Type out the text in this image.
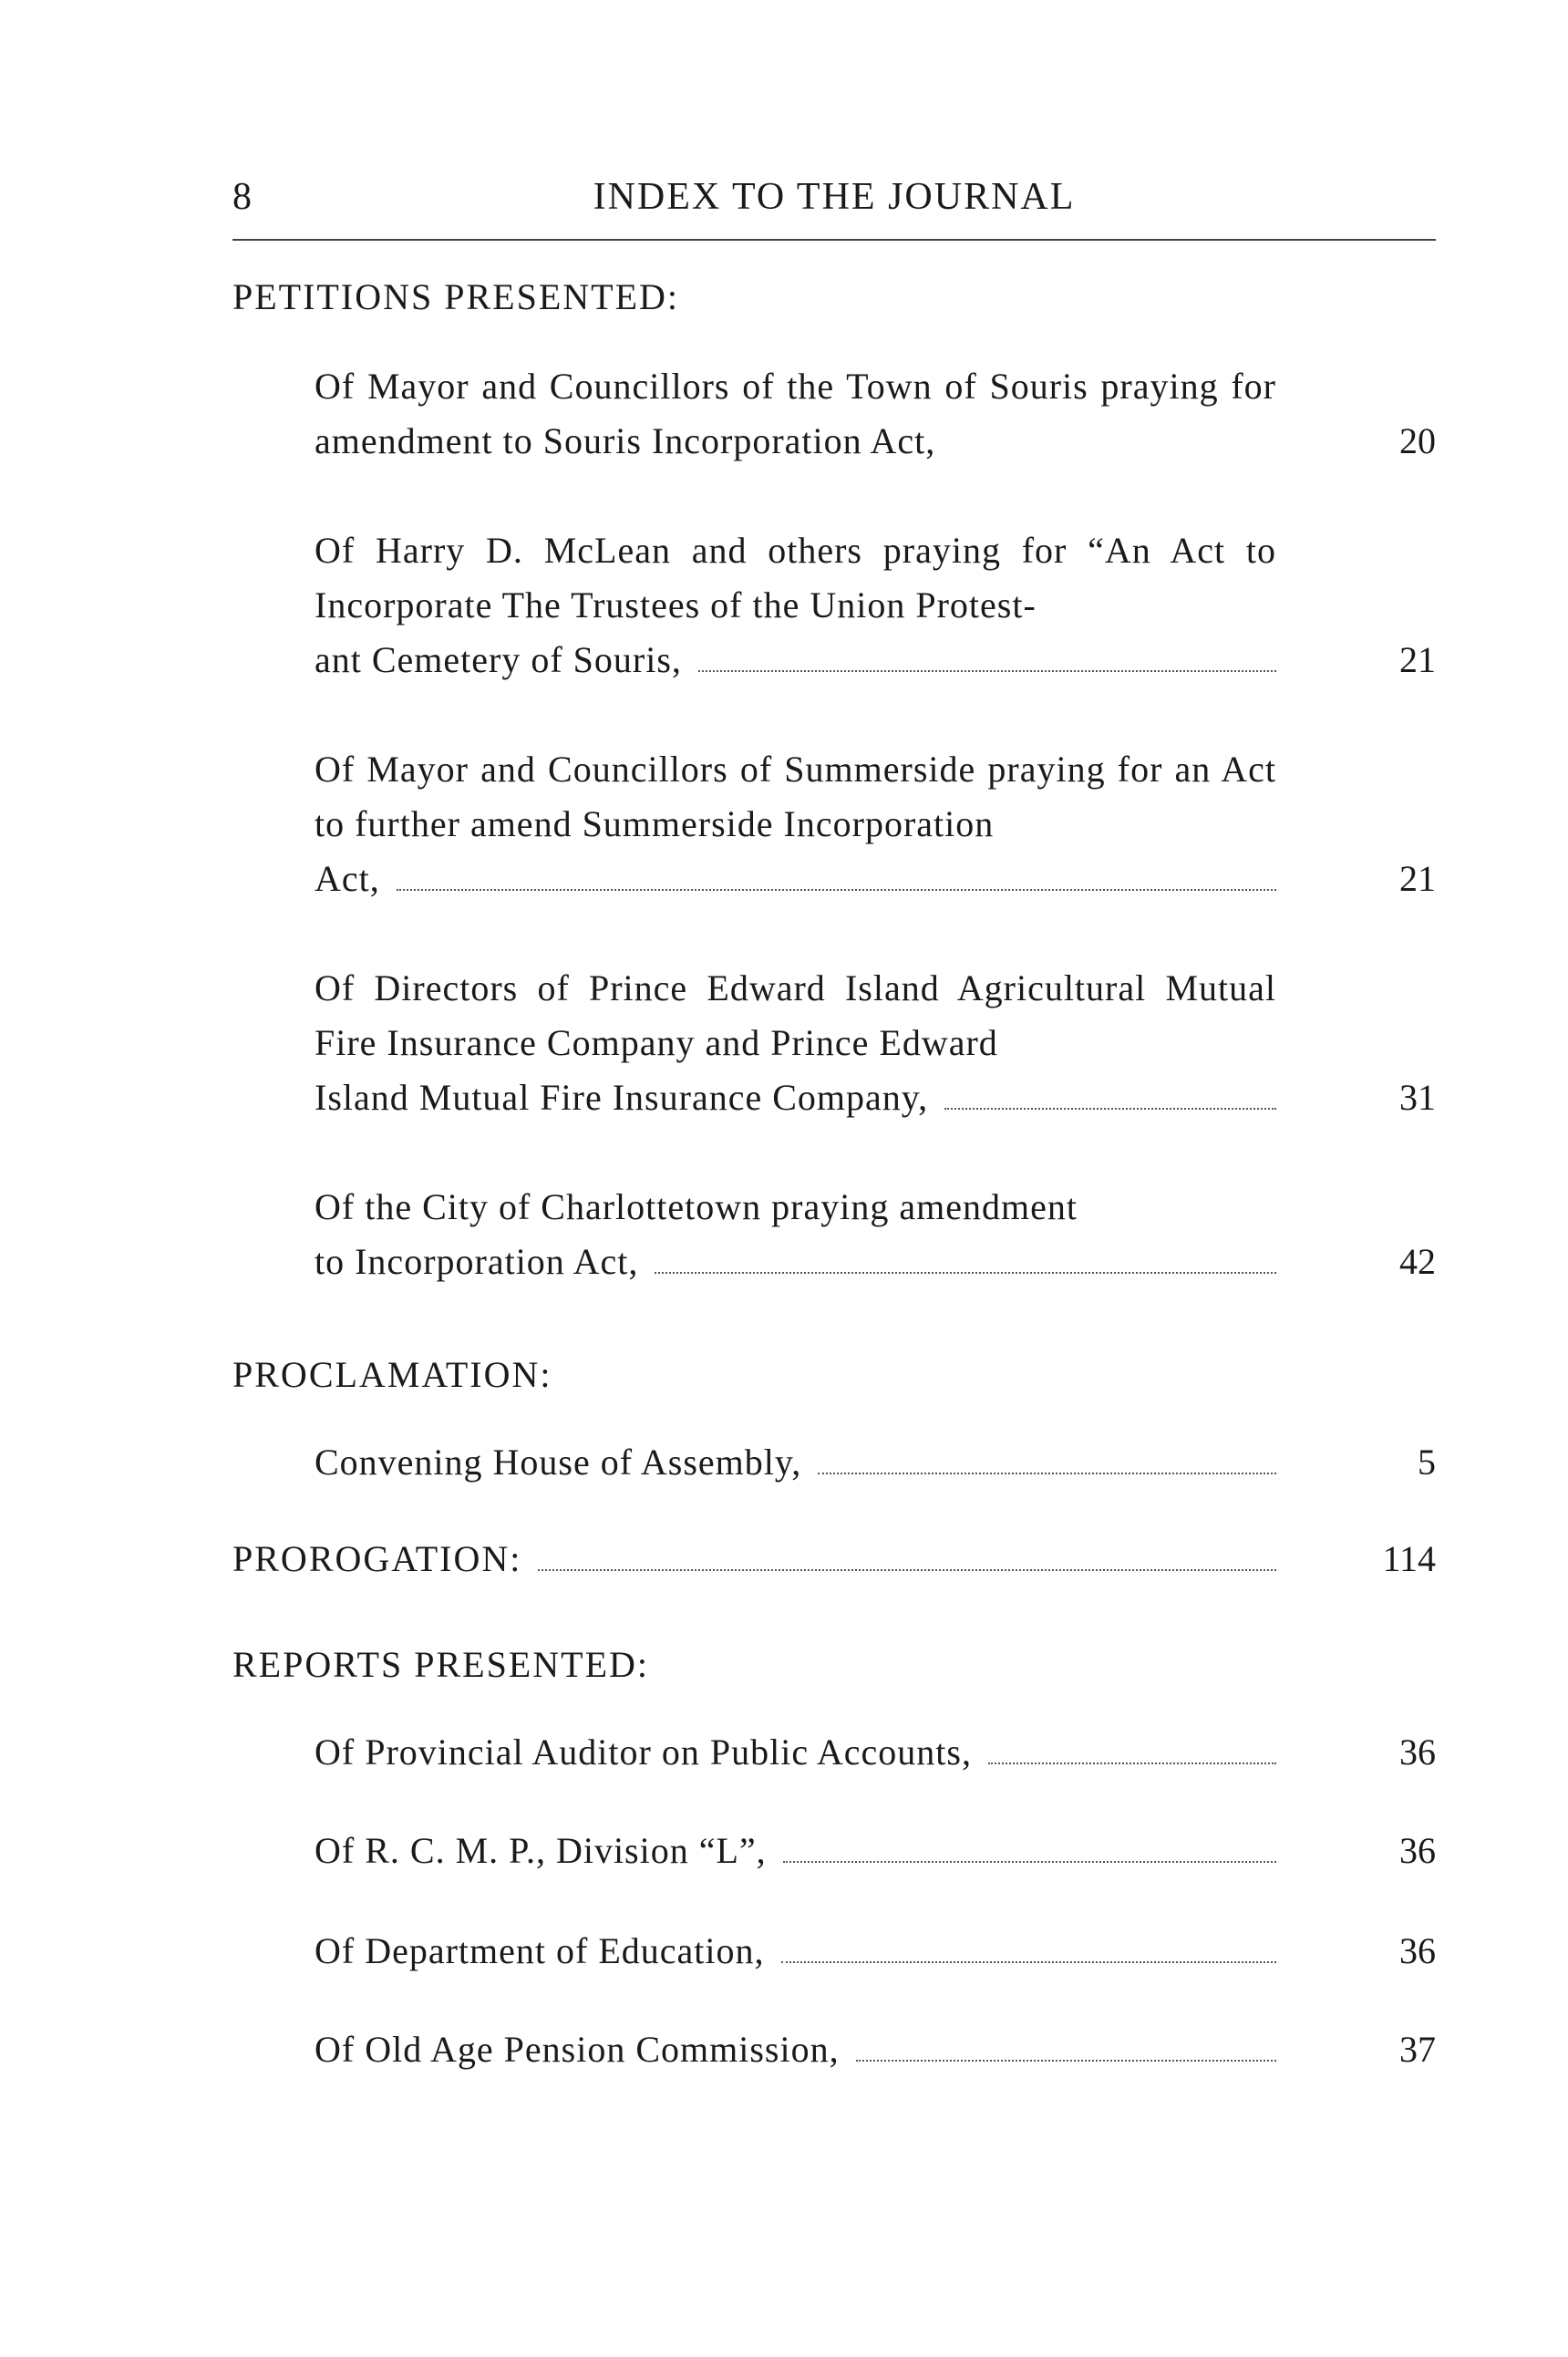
8	INDEX TO THE JOURNAL
PETITIONS PRESENTED:
Of Mayor and Councillors of the Town of Souris praying for amendment to Souris Incorporation Act,	20
Of Harry D. McLean and others praying for “An Act to Incorporate The Trustees of the Union Protest-
ant Cemetery of Souris,	21
Of Mayor and Councillors of Summerside praying for an Act to further amend Summerside Incorporation
Act,	21
Of Directors of Prince Edward Island Agricultural Mutual Fire Insurance Company and Prince Edward
Island Mutual Fire Insurance Company,	31
Of the City of Charlottetown praying amendment
to Incorporation Act,	42
PROCLAMATION:
Convening House of Assembly,	5
PROROGATION:	114
REPORTS PRESENTED:
Of Provincial Auditor on Public Accounts,	36
Of R. C. M. P., Division “L”,	36
Of Department of Education,	36
Of Old Age Pension Commission,	37
